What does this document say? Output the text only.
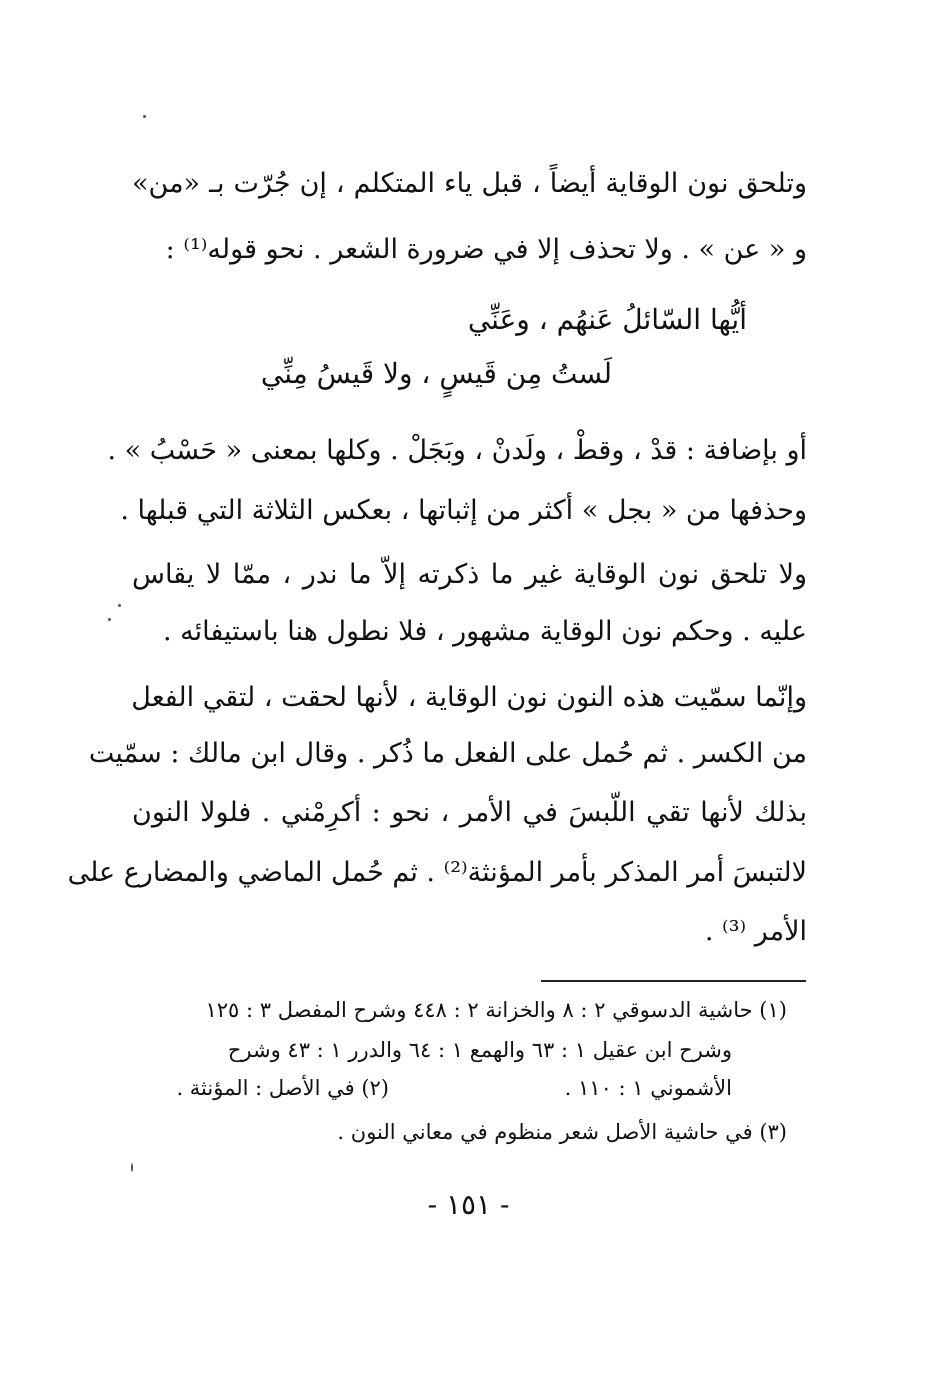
وتلحق نون الوقاية أيضاً ، قبل ياء المتكلم ، إن جُرّت بـ «من»
و « عن » . ولا تحذف إلا في ضرورة الشعر . نحو قوله⁽¹⁾ :
أيُّها السّائلُ عَنهُم ، وعَنِّي
لَستُ مِن قَيسٍ ، ولا قَيسُ مِنِّي
أو بإضافة : قدْ ، وقطْ ، ولَدنْ ، وبَجَلْ . وكلها بمعنى « حَسْبُ » .
وحذفها من « بجل » أكثر من إثباتها ، بعكس الثلاثة التي قبلها .
ولا تلحق نون الوقاية غير ما ذكرته إلاّ ما ندر ، ممّا لا يقاس
عليه . وحكم نون الوقاية مشهور ، فلا نطول هنا باستيفائه .
وإنّما سمّيت هذه النون نون الوقاية ، لأنها لحقت ، لتقي الفعل
من الكسر . ثم حُمل على الفعل ما ذُكر . وقال ابن مالك : سمّيت
بذلك لأنها تقي اللّبسَ في الأمر ، نحو : أكرِمْني . فلولا النون
لالتبسَ أمر المذكر بأمر المؤنثة⁽²⁾ . ثم حُمل الماضي والمضارع على
الأمر ⁽³⁾ .
(١) حاشية الدسوقي ٢ : ٨ والخزانة ٢ : ٤٤٨ وشرح المفصل ٣ : ١٢٥
وشرح ابن عقيل ١ : ٦٣ والهمع ١ : ٦٤ والدرر ١ : ٤٣ وشرح
الأشموني ١ : ١١٠ .
(٢) في الأصل : المؤنثة .
(٣) في حاشية الأصل شعر منظوم في معاني النون .
- ١٥١ -
